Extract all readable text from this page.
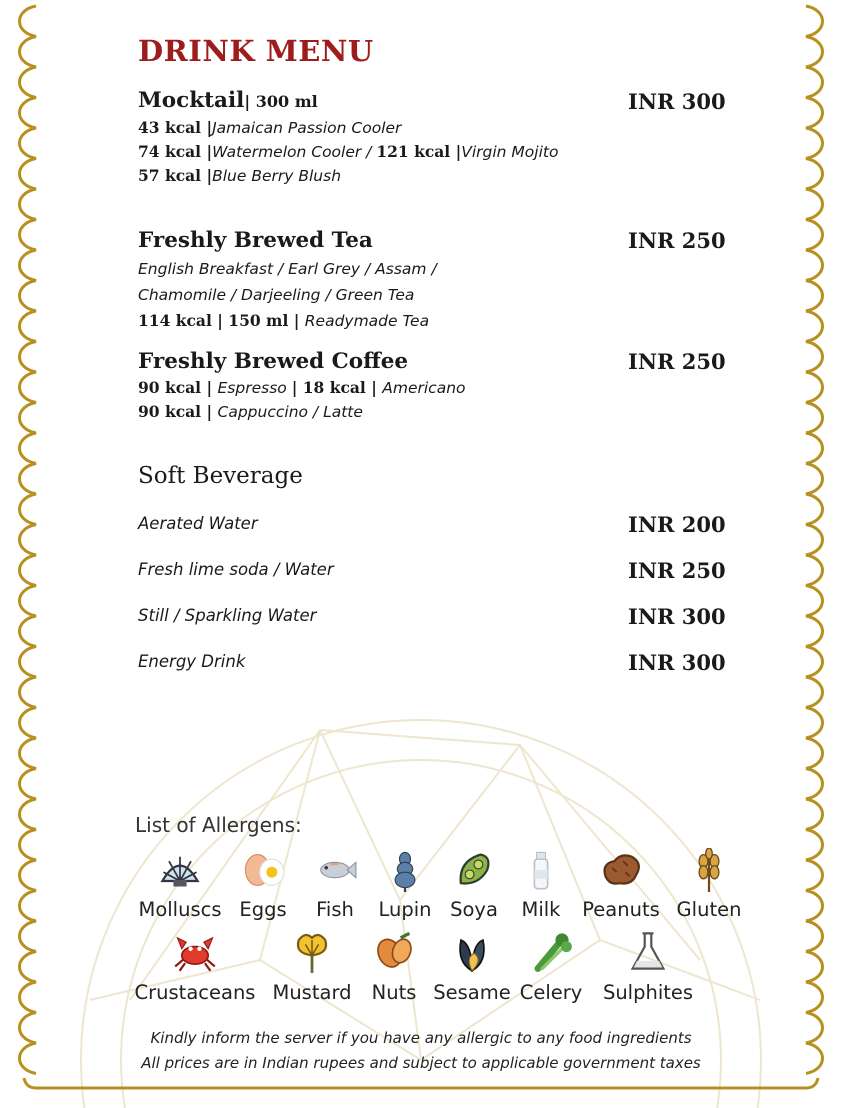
DRINK MENU
Mocktail| 300 ml	INR 300
43 kcal |Jamaican Passion Cooler
74 kcal |Watermelon Cooler / 121 kcal |Virgin Mojito
57 kcal |Blue Berry Blush
Freshly Brewed Tea	INR 250
English Breakfast / Earl Grey / Assam /
Chamomile / Darjeeling / Green Tea
114 kcal | 150 ml | Readymade Tea
Freshly Brewed Coffee	INR 250
90 kcal | Espresso | 18 kcal | Americano
90 kcal | Cappuccino / Latte
Soft Beverage
Aerated Water	INR 200
Fresh lime soda / Water	INR 250
Still / Sparkling Water	INR 300
Energy Drink	INR 300
List of Allergens:
Molluscs Eggs Fish Lupin Soya Milk Peanuts Gluten
Crustaceans Mustard Nuts Sesame Celery Sulphites
Kindly inform the server if you have any allergic to any food ingredients
All prices are in Indian rupees and subject to applicable government taxes
